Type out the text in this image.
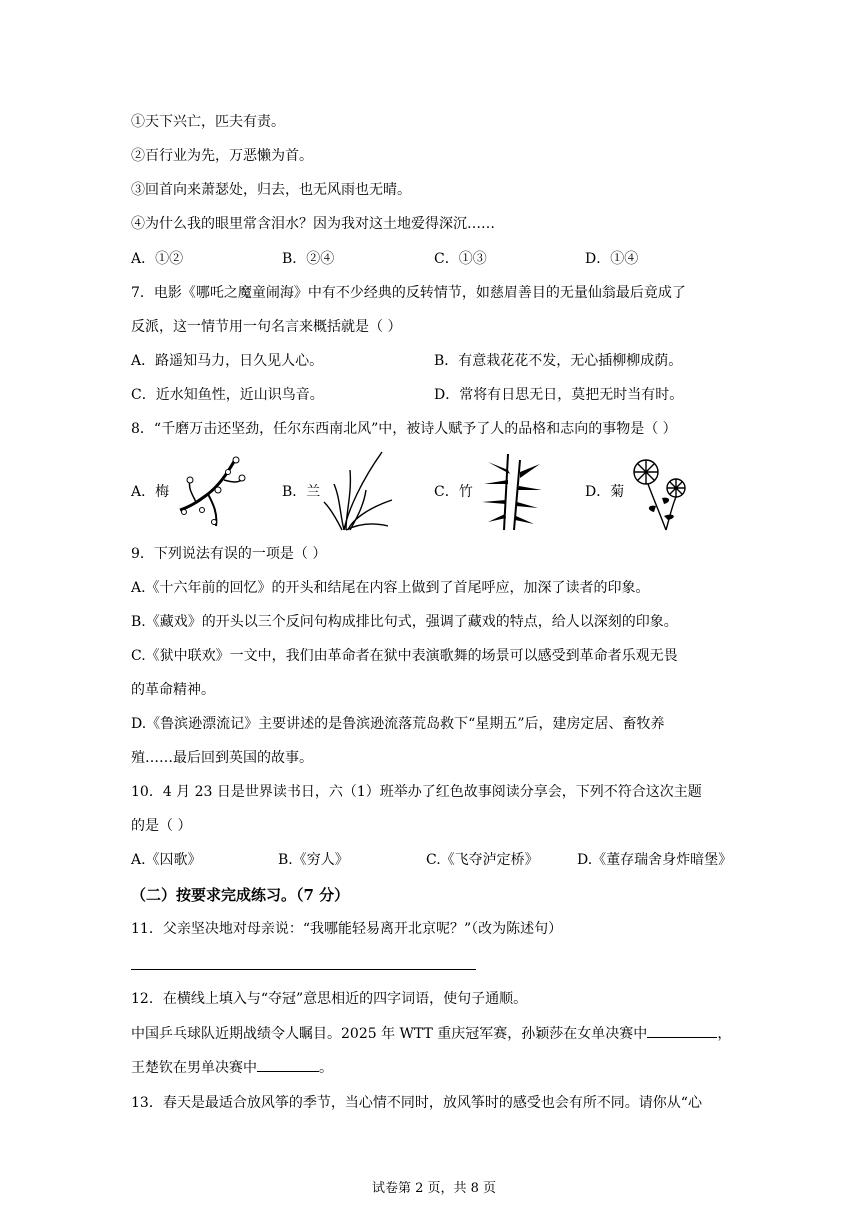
①天下兴亡，匹夫有责。
②百行业为先，万恶懒为首。
③回首向来萧瑟处，归去，也无风雨也无晴。
④为什么我的眼里常含泪水？因为我对这土地爱得深沉……
A．①②	B．②④	C．①③	D．①④
7．电影《哪吒之魔童闹海》中有不少经典的反转情节，如慈眉善目的无量仙翁最后竟成了
反派，这一情节用一句名言来概括就是（ ）
A．路遥知马力，日久见人心。	B．有意栽花花不发，无心插柳柳成荫。
C．近水知鱼性，近山识鸟音。	D．常将有日思无日，莫把无时当有时。
8．“千磨万击还坚劲，任尔东西南北风”中，被诗人赋予了人的品格和志向的事物是（ ）
A．梅	B．兰	C．竹	D．菊
9．下列说法有误的一项是（ ）
A.《十六年前的回忆》的开头和结尾在内容上做到了首尾呼应，加深了读者的印象。
B.《藏戏》的开头以三个反问句构成排比句式，强调了藏戏的特点，给人以深刻的印象。
C.《狱中联欢》一文中，我们由革命者在狱中表演歌舞的场景可以感受到革命者乐观无畏
的革命精神。
D.《鲁滨逊漂流记》主要讲述的是鲁滨逊流落荒岛救下“星期五”后，建房定居、畜牧养
殖……最后回到英国的故事。
10．4 月 23 日是世界读书日，六（1）班举办了红色故事阅读分享会，下列不符合这次主题
的是（ ）
A.《囚歌》	B.《穷人》	C.《飞夺泸定桥》	D.《董存瑞舍身炸暗堡》
（二）按要求完成练习。（7 分）
11．父亲坚决地对母亲说：“我哪能轻易离开北京呢？”（改为陈述句）
12．在横线上填入与“夺冠”意思相近的四字词语，使句子通顺。
中国乒乓球队近期战绩令人瞩目。2025 年 WTT 重庆冠军赛，孙颖莎在女单决赛中	，
王楚钦在男单决赛中	。
13．春天是最适合放风筝的季节，当心情不同时，放风筝时的感受也会有所不同。请你从“心
试卷第 2 页，共 8 页
